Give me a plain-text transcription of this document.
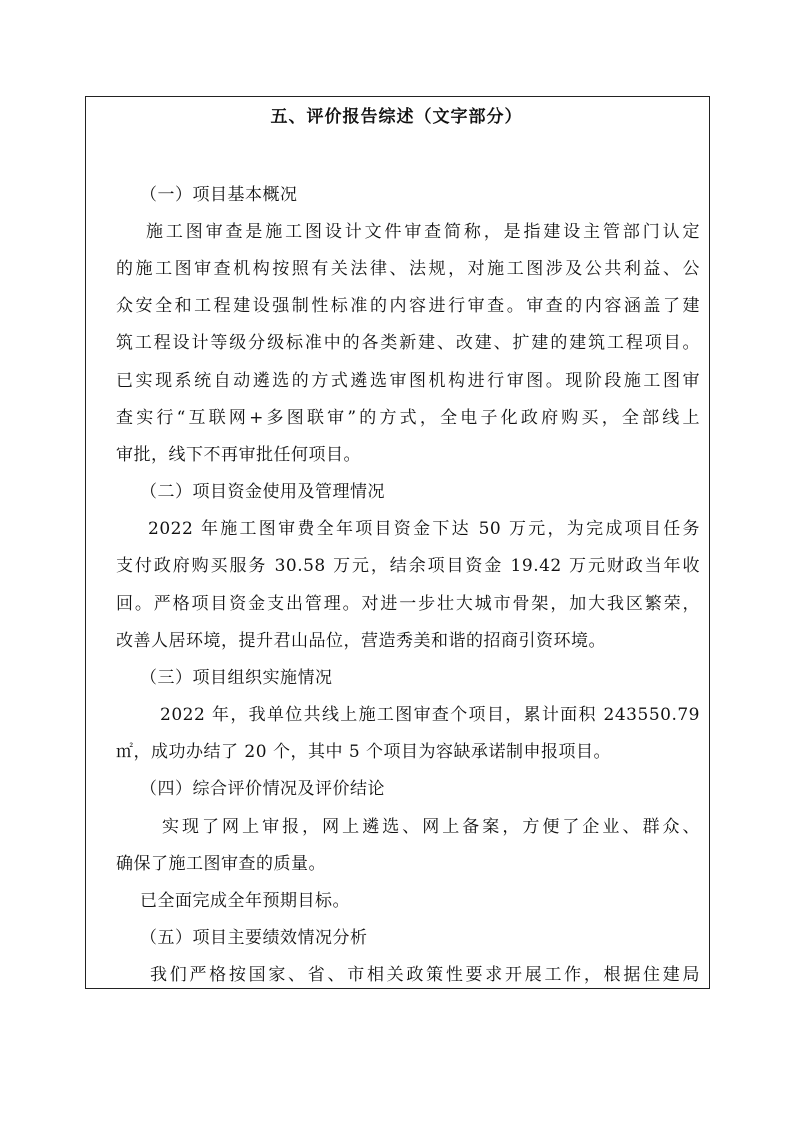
五、评价报告综述（文字部分）
（一）项目基本概况
施工图审查是施工图设计文件审查简称，是指建设主管部门认定
的施工图审查机构按照有关法律、法规，对施工图涉及公共利益、公
众安全和工程建设强制性标准的内容进行审查。审查的内容涵盖了建
筑工程设计等级分级标准中的各类新建、改建、扩建的建筑工程项目。
已实现系统自动遴选的方式遴选审图机构进行审图。现阶段施工图审
查实行“互联网+多图联审”的方式，全电子化政府购买，全部线上
审批，线下不再审批任何项目。
（二）项目资金使用及管理情况
2022 年施工图审费全年项目资金下达 50 万元，为完成项目任务
支付政府购买服务 30.58 万元，结余项目资金 19.42 万元财政当年收
回。严格项目资金支出管理。对进一步壮大城市骨架，加大我区繁荣，
改善人居环境，提升君山品位，营造秀美和谐的招商引资环境。
（三）项目组织实施情况
2022 年，我单位共线上施工图审查个项目，累计面积 243550.79
㎡，成功办结了 20 个，其中 5 个项目为容缺承诺制申报项目。
（四）综合评价情况及评价结论
实现了网上审报，网上遴选、网上备案，方便了企业、群众、
确保了施工图审查的质量。
已全面完成全年预期目标。
（五）项目主要绩效情况分析
我们严格按国家、省、市相关政策性要求开展工作，根据住建局
